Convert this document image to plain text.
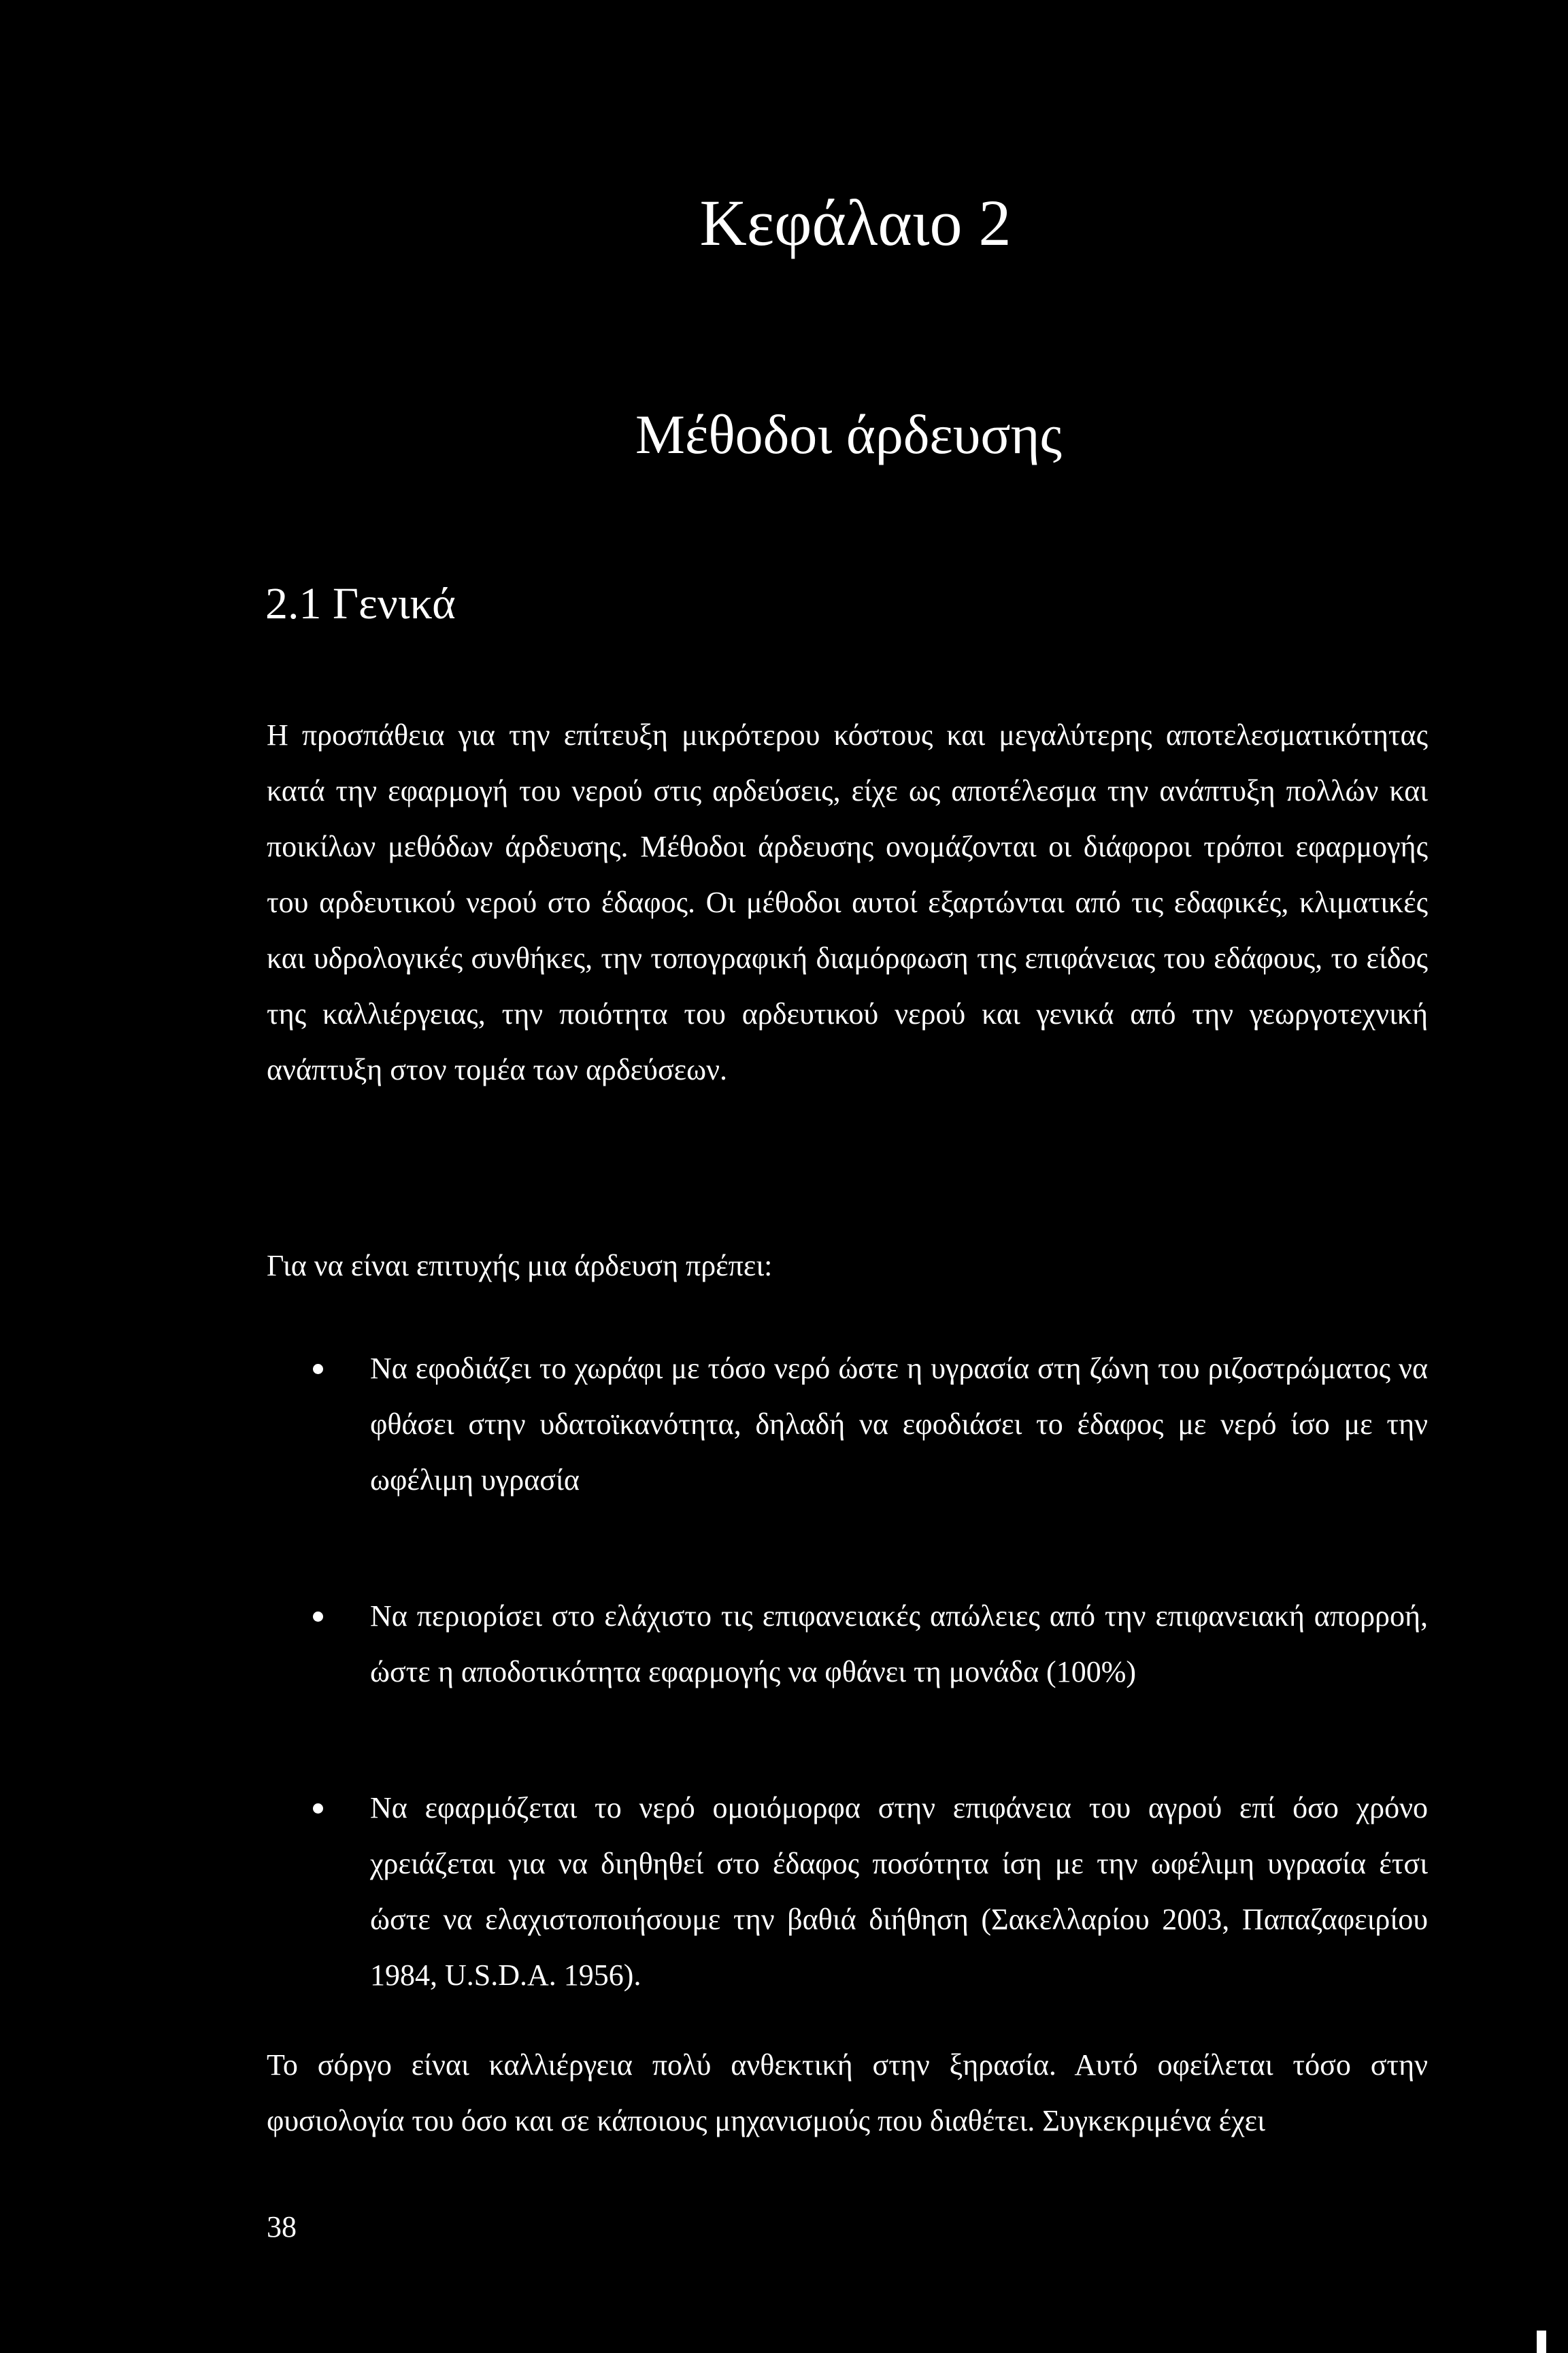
Κεφάλαιο 2
Μέθοδοι άρδευσης
2.1 Γενικά

Η προσπάθεια για την επίτευξη μικρότερου κόστους και μεγαλύτερης αποτελεσματικότητας κατά την εφαρμογή του νερού στις αρδεύσεις, είχε ως αποτέλεσμα την ανάπτυξη πολλών και ποικίλων μεθόδων άρδευσης. Μέθοδοι άρδευσης ονομάζονται οι διάφοροι τρόποι εφαρμογής του αρδευτικού νερού στο έδαφος. Οι μέθοδοι αυτοί εξαρτώνται από τις εδαφικές, κλιματικές και υδρολογικές συνθήκες, την τοπογραφική διαμόρφωση της επιφάνειας του εδάφους, το είδος της καλλιέργειας, την ποιότητα του αρδευτικού νερού και γενικά από την γεωργοτεχνική ανάπτυξη στον τομέα των αρδεύσεων.

Για να είναι επιτυχής μια άρδευση πρέπει:

Να εφοδιάζει το χωράφι με τόσο νερό ώστε η υγρασία στη ζώνη του ριζοστρώματος να φθάσει στην υδατοϊκανότητα, δηλαδή να εφοδιάσει το έδαφος με νερό ίσο με την ωφέλιμη υγρασία
Να περιορίσει στο ελάχιστο τις επιφανειακές απώλειες από την επιφανειακή απορροή, ώστε η αποδοτικότητα εφαρμογής να φθάνει τη μονάδα (100%)
Να εφαρμόζεται το νερό ομοιόμορφα στην επιφάνεια του αγρού επί όσο χρόνο χρειάζεται για να διηθηθεί στο έδαφος ποσότητα ίση με την ωφέλιμη υγρασία έτσι ώστε να ελαχιστοποιήσουμε την βαθιά διήθηση (Σακελλαρίου 2003, Παπαζαφειρίου 1984, U.S.D.A. 1956).

Το σόργο είναι καλλιέργεια πολύ ανθεκτική στην ξηρασία. Αυτό οφείλεται τόσο στην φυσιολογία του όσο και σε κάποιους μηχανισμούς που διαθέτει. Συγκεκριμένα έχει

38
